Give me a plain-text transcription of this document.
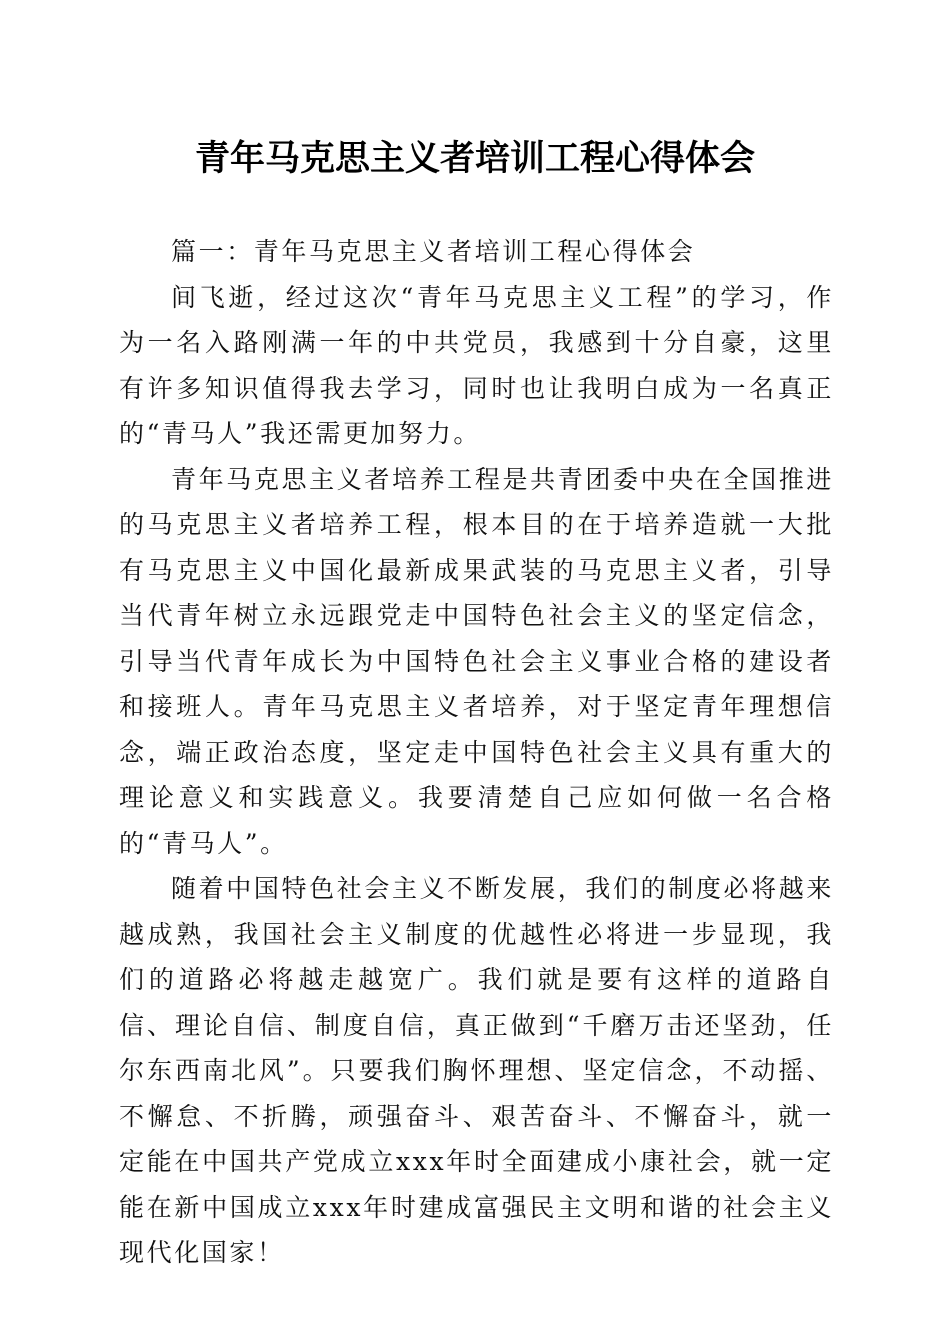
青年马克思主义者培训工程心得体会

篇一：青年马克思主义者培训工程心得体会

间飞逝，经过这次“青年马克思主义工程”的学习，作为一名入路刚满一年的中共党员，我感到十分自豪，这里有许多知识值得我去学习，同时也让我明白成为一名真正的“青马人”我还需更加努力。

青年马克思主义者培养工程是共青团委中央在全国推进的马克思主义者培养工程，根本目的在于培养造就一大批有马克思主义中国化最新成果武装的马克思主义者，引导当代青年树立永远跟党走中国特色社会主义的坚定信念，引导当代青年成长为中国特色社会主义事业合格的建设者和接班人。青年马克思主义者培养，对于坚定青年理想信念，端正政治态度，坚定走中国特色社会主义具有重大的理论意义和实践意义。我要清楚自己应如何做一名合格的“青马人”。

随着中国特色社会主义不断发展，我们的制度必将越来越成熟，我国社会主义制度的优越性必将进一步显现，我们的道路必将越走越宽广。我们就是要有这样的道路自信、理论自信、制度自信，真正做到“千磨万击还坚劲，任尔东西南北风”。只要我们胸怀理想、坚定信念，不动摇、不懈怠、不折腾，顽强奋斗、艰苦奋斗、不懈奋斗，就一定能在中国共产党成立xxx年时全面建成小康社会，就一定能在新中国成立xxx年时建成富强民主文明和谐的社会主义现代化国家！
